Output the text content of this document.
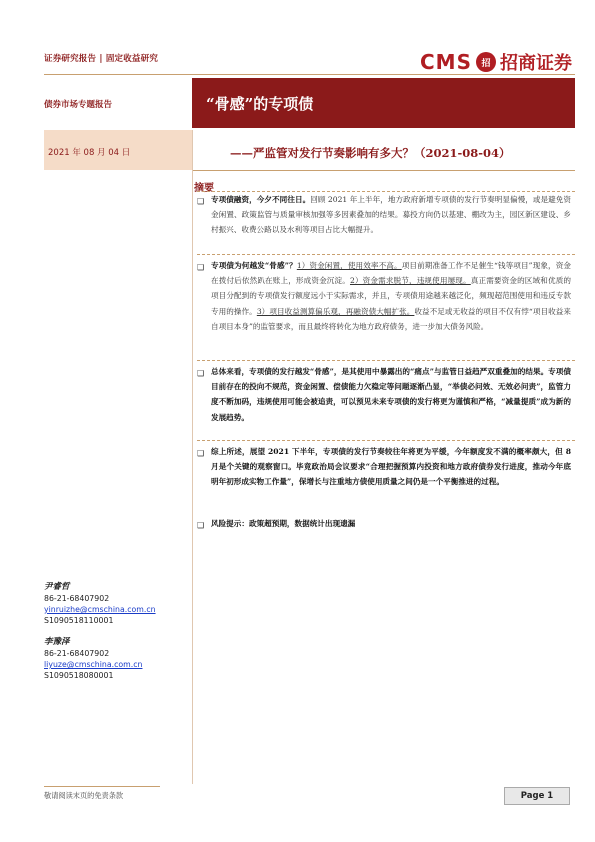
证券研究报告 | 固定收益研究	CMS	招 招商证券
债券市场专题报告	“骨感”的专项债
2021 年 08 月 04 日	——严监管对发行节奏影响有多大？（2021-08-04）
摘要
❑ 专项债融资，今夕不同往日。回顾 2021 年上半年，地方政府新增专项债的发行节奏明显偏慢，或是避免资金闲置、政策监管与质量审核加强等多因素叠加的结果。募投方向仍以基建、棚改为主，园区新区建设、乡村振兴、收费公路以及水利等项目占比大幅提升。
❑ 专项债为何越发“骨感”？1）资金闲置，使用效率不高。项目前期准备工作不足催生“钱等项目”现象，资金在拨付后依然趴在账上，形成资金沉淀。2）资金需求脱节，违规使用屡现。真正需要资金的区域和优质的项目分配到的专项债发行额度远小于实际需求，并且，专项债用途越来越泛化，频现超范围使用和违反专款专用的操作。3）项目收益测算偏乐观，再融资债大幅扩张。收益不足或无收益的项目不仅有悖“项目收益来自项目本身”的监管要求，而且最终将转化为地方政府债务，进一步加大债务风险。
❑ 总体来看，专项债的发行越发“骨感”，是其使用中暴露出的“痛点”与监管日益趋严双重叠加的结果。专项债目前存在的投向不规范，资金闲置、偿债能力欠稳定等问题逐渐凸显，“举债必问效、无效必问责”，监管力度不断加码，违规使用可能会被追责，可以预见未来专项债的发行将更为谨慎和严格，“减量提质”成为新的发展趋势。
❑ 综上所述，展望 2021 下半年，专项债的发行节奏较往年将更为平缓，今年额度发不满的概率颇大，但 8 月是个关键的观察窗口。毕竟政治局会议要求“合理把握预算内投资和地方政府债券发行进度，推动今年底明年初形成实物工作量”，保增长与注重地方债使用质量之间仍是一个平衡推进的过程。
❑ 风险提示：政策超预期，数据统计出现遗漏
尹睿哲
86-21-68407902
yinruizhe@cmschina.com.cn
S1090518110001
李豫泽
86-21-68407902
liyuze@cmschina.com.cn
S1090518080001
敬请阅读末页的免责条款	Page 1
